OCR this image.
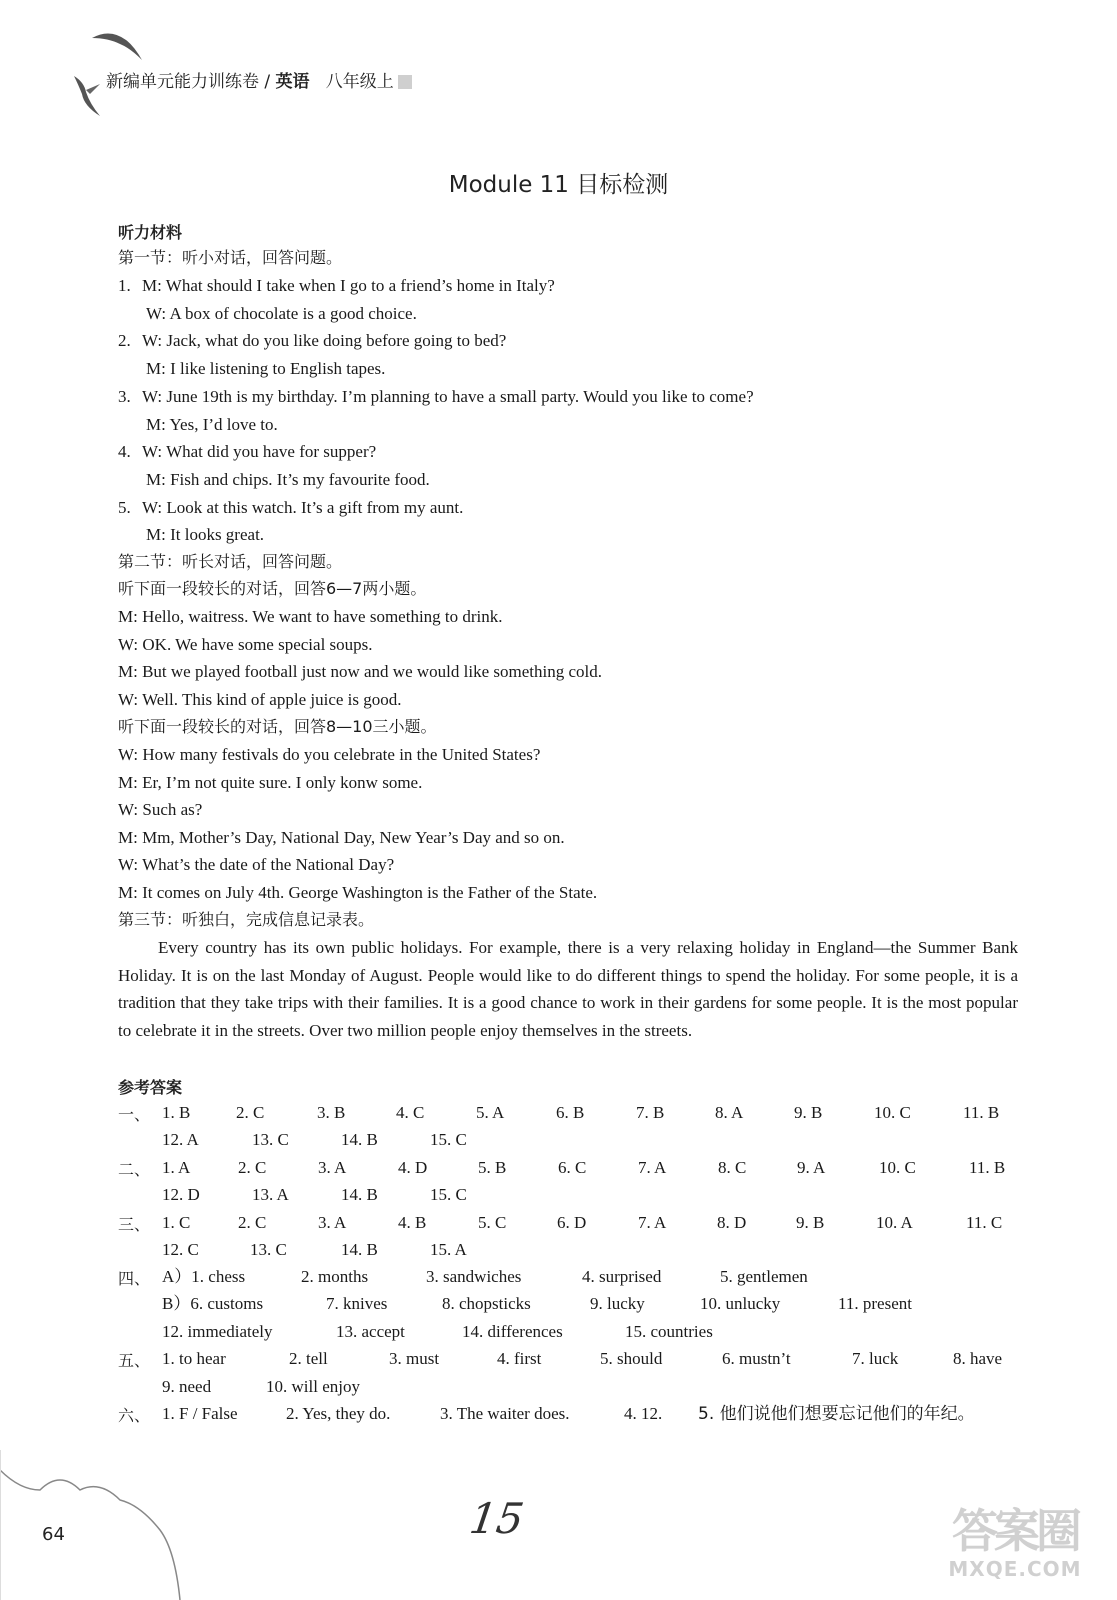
新编单元能力训练卷 / 英语 八年级上
Module 11 目标检测
听力材料
第一节：听小对话，回答问题。
1. M: What should I take when I go to a friend’s home in Italy?
W: A box of chocolate is a good choice.
2. W: Jack, what do you like doing before going to bed?
M: I like listening to English tapes.
3. W: June 19th is my birthday. I’m planning to have a small party. Would you like to come?
M: Yes, I’d love to.
4. W: What did you have for supper?
M: Fish and chips. It’s my favourite food.
5. W: Look at this watch. It’s a gift from my aunt.
M: It looks great.
第二节：听长对话，回答问题。
听下面一段较长的对话，回答6—7两小题。
M: Hello, waitress. We want to have something to drink.
W: OK. We have some special soups.
M: But we played football just now and we would like something cold.
W: Well. This kind of apple juice is good.
听下面一段较长的对话，回答8—10三小题。
W: How many festivals do you celebrate in the United States?
M: Er, I’m not quite sure. I only konw some.
W: Such as?
M: Mm, Mother’s Day, National Day, New Year’s Day and so on.
W: What’s the date of the National Day?
M: It comes on July 4th. George Washington is the Father of the State.
第三节：听独白，完成信息记录表。
Every country has its own public holidays. For example, there is a very relaxing holiday in England—the Summer Bank Holiday. It is on the last Monday of August. People would like to do different things to spend the holiday. For some people, it is a tradition that they take trips with their families. It is a good chance to work in their gardens for some people. It is the most popular to celebrate it in the streets. Over two million people enjoy themselves in the streets.
参考答案
一、 1. B	2. C	3. B	4. C	5. A	6. B	7. B	8. A	9. B	10. C	11. B
12. A	13. C	14. B	15. C
二、 1. A	2. C	3. A	4. D	5. B	6. C	7. A	8. C	9. A	10. C	11. B
12. D	13. A	14. B	15. C
三、 1. C	2. C	3. A	4. B	5. C	6. D	7. A	8. D	9. B	10. A	11. C
12. C	13. C	14. B	15. A
四、 A）1. chess	2. months	3. sandwiches	4. surprised	5. gentlemen
B）6. customs	7. knives	8. chopsticks	9. lucky	10. unlucky	11. present
12. immediately	13. accept	14. differences	15. countries
五、 1. to hear	2. tell	3. must	4. first	5. should	6. mustn’t	7. luck	8. have
9. need	10. will enjoy
六、 1. F / False	2. Yes, they do.	3. The waiter does.	4. 12. 5. 他们说他们想要忘记他们的年纪。
64	15	答案圈
MXQE.COM
